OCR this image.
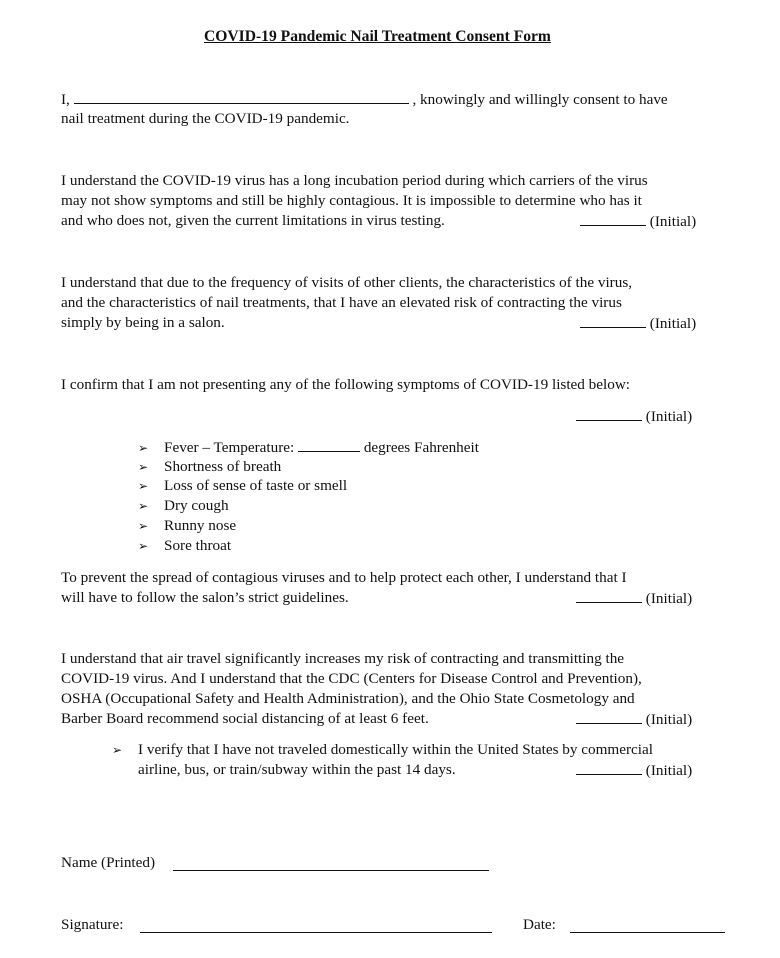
COVID-19 Pandemic Nail Treatment Consent Form
I,	, knowingly and willingly consent to have
nail treatment during the COVID-19 pandemic.
I understand the COVID-19 virus has a long incubation period during which carriers of the virus
may not show symptoms and still be highly contagious. It is impossible to determine who has it
and who does not, given the current limitations in virus testing.	(Initial)
I understand that due to the frequency of visits of other clients, the characteristics of the virus,
and the characteristics of nail treatments, that I have an elevated risk of contracting the virus
simply by being in a salon.	(Initial)
I confirm that I am not presenting any of the following symptoms of COVID-19 listed below:
(Initial)
➢ Fever – Temperature:	degrees Fahrenheit
➢ Shortness of breath
➢ Loss of sense of taste or smell
➢ Dry cough
➢ Runny nose
➢ Sore throat
To prevent the spread of contagious viruses and to help protect each other, I understand that I
will have to follow the salon’s strict guidelines.	(Initial)
I understand that air travel significantly increases my risk of contracting and transmitting the
COVID-19 virus. And I understand that the CDC (Centers for Disease Control and Prevention),
OSHA (Occupational Safety and Health Administration), and the Ohio State Cosmetology and
Barber Board recommend social distancing of at least 6 feet.	(Initial)
➢ I verify that I have not traveled domestically within the United States by commercial
airline, bus, or train/subway within the past 14 days.	(Initial)
Name (Printed)
Signature:	Date:
